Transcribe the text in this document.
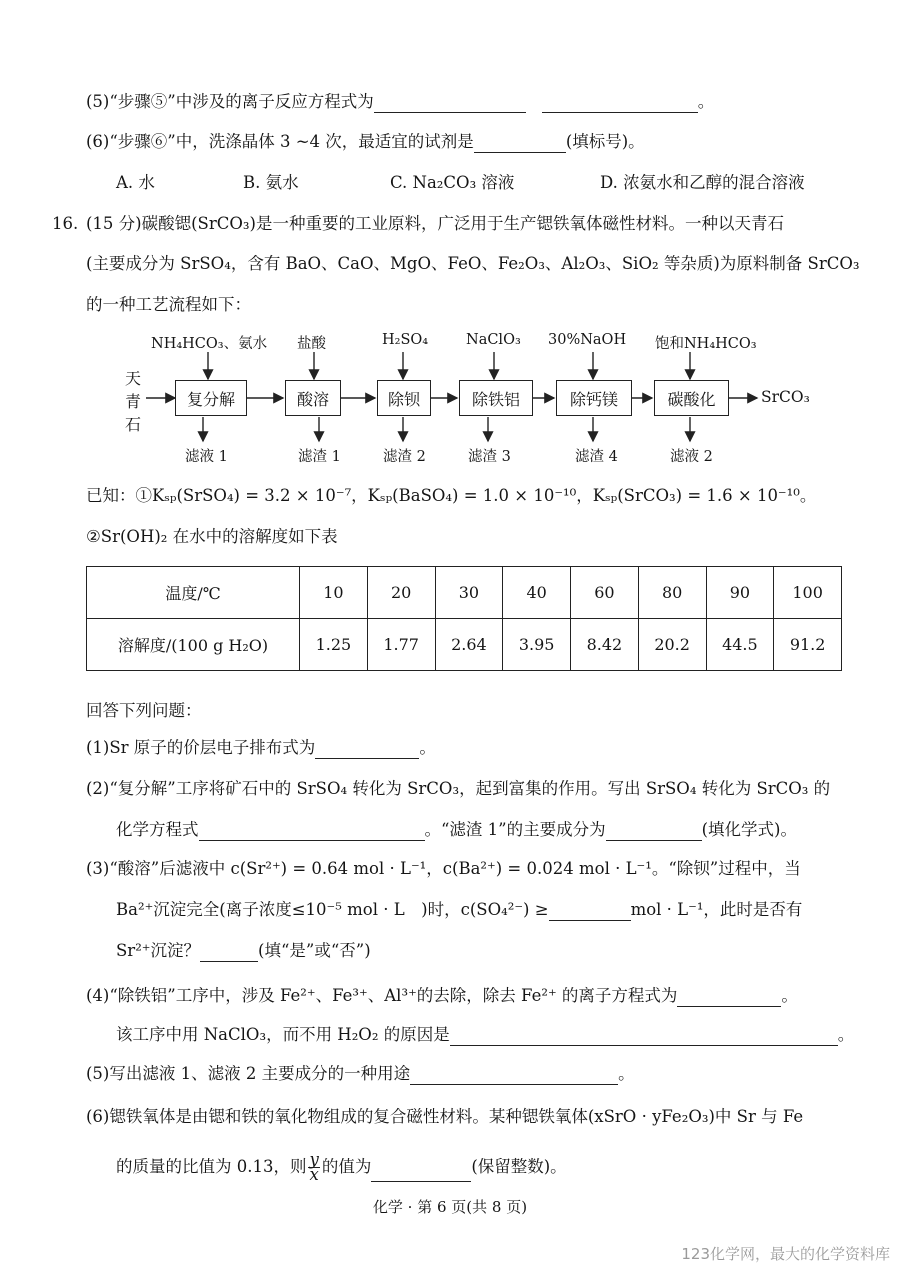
(5)“步骤⑤”中涉及的离子反应方程式为	。
(6)“步骤⑥”中，洗涤晶体 3 ~4 次，最适宜的试剂是	(填标号)。
A. 水	B. 氨水	C. Na₂CO₃ 溶液	D. 浓氨水和乙醇的混合溶液
16. (15 分)碳酸锶(SrCO₃)是一种重要的工业原料，广泛用于生产锶铁氧体磁性材料。一种以天青石
(主要成分为 SrSO₄，含有 BaO、CaO、MgO、FeO、Fe₂O₃、Al₂O₃、SiO₂ 等杂质)为原料制备 SrCO₃
的一种工艺流程如下：
天青石
SrCO₃
NH₄HCO₃、氨水 盐酸	H₂SO₄	NaClO₃ 30%NaOH 饱和NH₄HCO₃
复分解	酸溶	除钡	除铁铝	除钙镁	碳酸化
滤液 1	滤渣 1	滤渣 2	滤渣 3	滤渣 4	滤液 2
已知：①Kₛₚ(SrSO₄) = 3.2 × 10⁻⁷，Kₛₚ(BaSO₄) = 1.0 × 10⁻¹⁰，Kₛₚ(SrCO₃) = 1.6 × 10⁻¹⁰。
②Sr(OH)₂ 在水中的溶解度如下表
温度/℃	10	20	30	40	60	80	90	100
溶解度/(100 g H₂O)	1.25	1.77	2.64	3.95	8.42	20.2	44.5	91.2
回答下列问题：
(1)Sr 原子的价层电子排布式为	。
(2)“复分解”工序将矿石中的 SrSO₄ 转化为 SrCO₃，起到富集的作用。写出 SrSO₄ 转化为 SrCO₃ 的
化学方程式	。“滤渣 1”的主要成分为	(填化学式)。
(3)“酸溶”后滤液中 c(Sr²⁺) = 0.64 mol · L⁻¹，c(Ba²⁺) = 0.024 mol · L⁻¹。“除钡”过程中，当
Ba²⁺沉淀完全(离子浓度≤10⁻⁵ mol · L　)时，c(SO₄²⁻) ≥	mol · L⁻¹，此时是否有
Sr²⁺沉淀？	(填“是”或“否”)
(4)“除铁铝”工序中，涉及 Fe²⁺、Fe³⁺、Al³⁺的去除，除去 Fe²⁺ 的离子方程式为	。
该工序中用 NaClO₃，而不用 H₂O₂ 的原因是	。
(5)写出滤液 1、滤液 2 主要成分的一种用途	。
(6)锶铁氧体是由锶和铁的氧化物组成的复合磁性材料。某种锶铁氧体(xSrO · yFe₂O₃)中 Sr 与 Fe
的质量的比值为 0.13，则 $\frac{y}{x}$ 的值为	(保留整数)。
化学 · 第 6 页(共 8 页)
123化学网，最大的化学资料库
